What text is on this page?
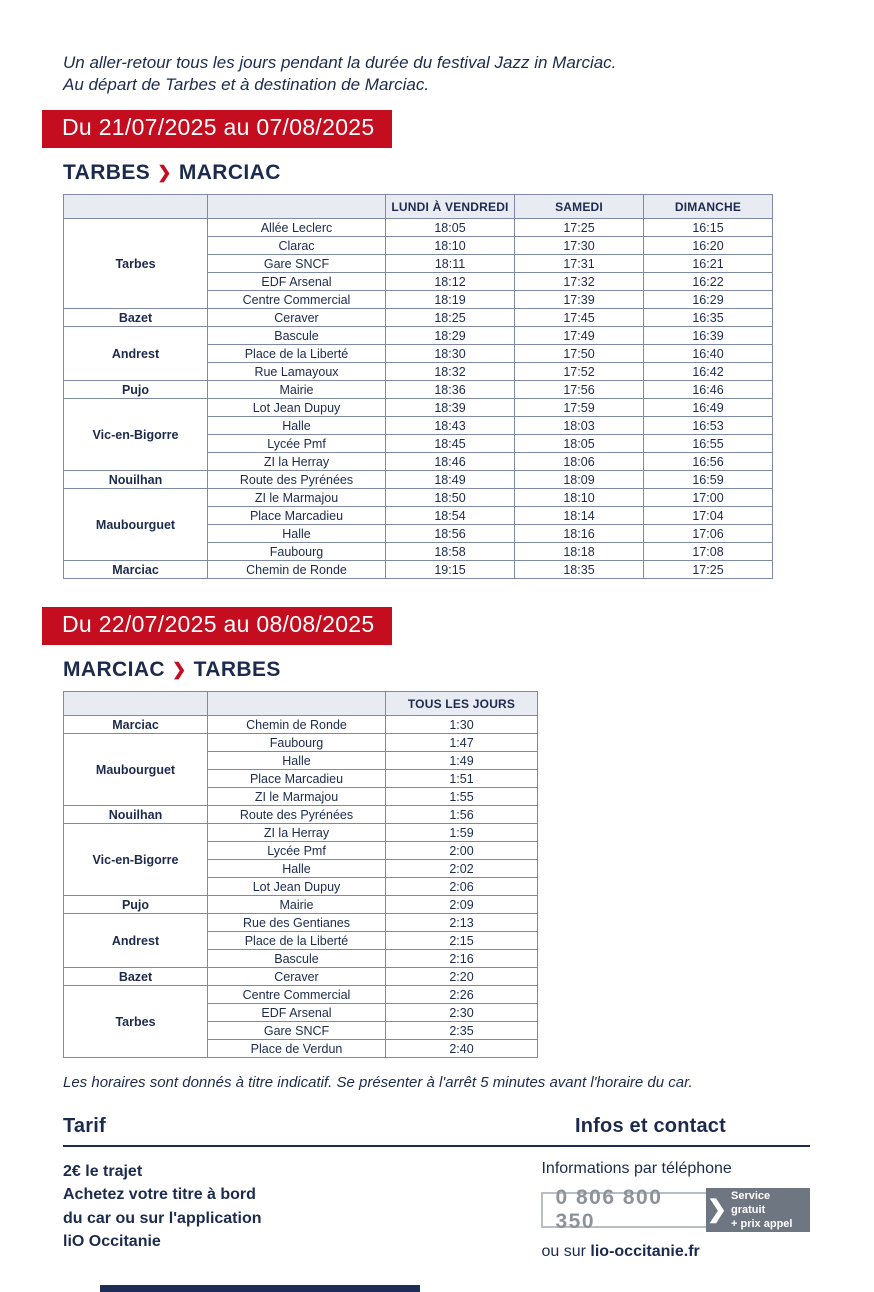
Un aller-retour tous les jours pendant la durée du festival Jazz in Marciac.
Au départ de Tarbes et à destination de Marciac.
Du 21/07/2025 au 07/08/2025
TARBES ❯ MARCIAC
		LUNDI À VENDREDI	SAMEDI	DIMANCHE
Tarbes	Allée Leclerc	18:05	17:25	16:15
	Clarac	18:10	17:30	16:20
	Gare SNCF	18:11	17:31	16:21
	EDF Arsenal	18:12	17:32	16:22
	Centre Commercial	18:19	17:39	16:29
Bazet	Ceraver	18:25	17:45	16:35
Andrest	Bascule	18:29	17:49	16:39
	Place de la Liberté	18:30	17:50	16:40
	Rue Lamayoux	18:32	17:52	16:42
Pujo	Mairie	18:36	17:56	16:46
Vic-en-Bigorre	Lot Jean Dupuy	18:39	17:59	16:49
	Halle	18:43	18:03	16:53
	Lycée Pmf	18:45	18:05	16:55
	ZI la Herray	18:46	18:06	16:56
Nouilhan	Route des Pyrénées	18:49	18:09	16:59
Maubourguet	ZI le Marmajou	18:50	18:10	17:00
	Place Marcadieu	18:54	18:14	17:04
	Halle	18:56	18:16	17:06
	Faubourg	18:58	18:18	17:08
Marciac	Chemin de Ronde	19:15	18:35	17:25
Du 22/07/2025 au 08/08/2025
MARCIAC ❯ TARBES
		TOUS LES JOURS
Marciac	Chemin de Ronde	1:30
Maubourguet	Faubourg	1:47
	Halle	1:49
	Place Marcadieu	1:51
	ZI le Marmajou	1:55
Nouilhan	Route des Pyrénées	1:56
Vic-en-Bigorre	ZI la Herray	1:59
	Lycée Pmf	2:00
	Halle	2:02
	Lot Jean Dupuy	2:06
Pujo	Mairie	2:09
Andrest	Rue des Gentianes	2:13
	Place de la Liberté	2:15
	Bascule	2:16
Bazet	Ceraver	2:20
Tarbes	Centre Commercial	2:26
	EDF Arsenal	2:30
	Gare SNCF	2:35
	Place de Verdun	2:40
Les horaires sont donnés à titre indicatif. Se présenter à l'arrêt 5 minutes avant l'horaire du car.
Tarif	Infos et contact
2€ le trajet
Achetez votre titre à bord
du car ou sur l'application
liO Occitanie
Informations par téléphone
0 806 800 350	❯
Service gratuit
+ prix appel
ou sur lio-occitanie.fr
